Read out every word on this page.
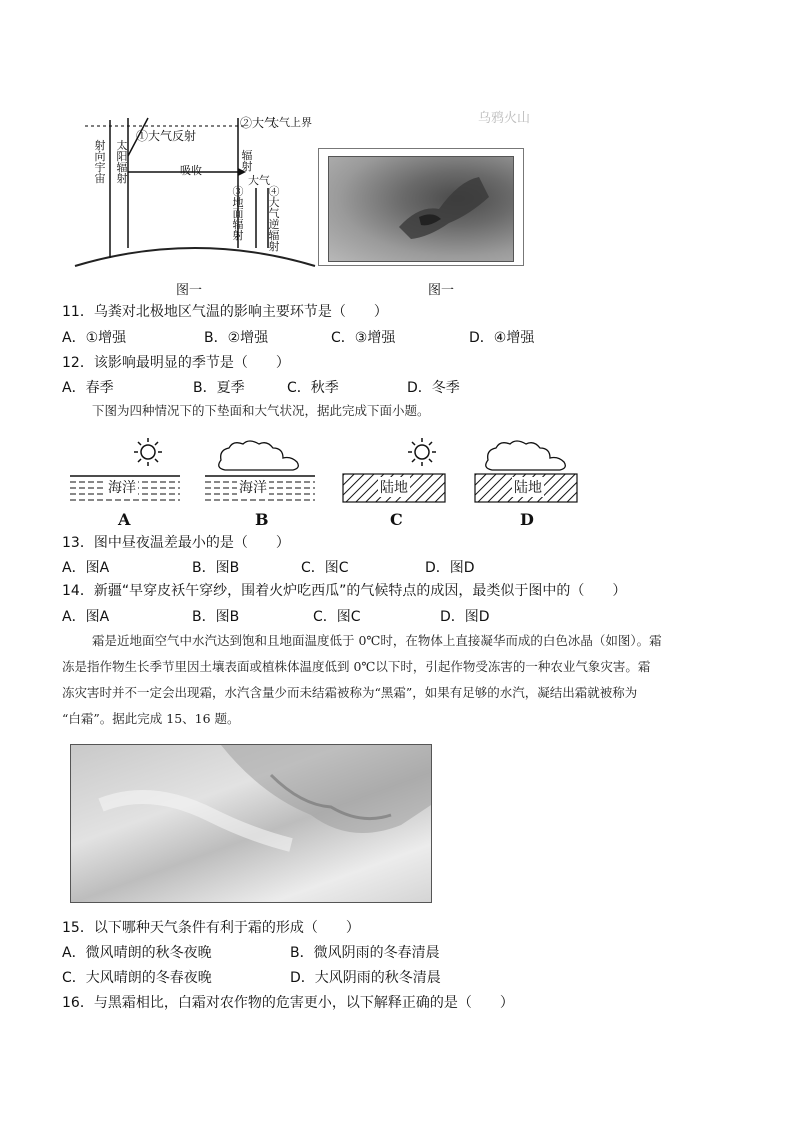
①大气反射
②大气
大气上界
辐射
大气
③地面辐射
④大气逆辐射
射向宇宙
太阳辐射
吸收
图一
乌鸦火山
图一
11．乌粪对北极地区气温的影响主要环节是（　　）
A．①增强	B．②增强	C．③增强	D．④增强
12．该影响最明显的季节是（　　）
A．春季	B．夏季	C．秋季	D．冬季
下图为四种情况下的下垫面和大气状况，据此完成下面小题。
海洋
A
海洋
B
陆地
C
陆地
D
13．图中昼夜温差最小的是（　　）
A．图A	B．图B	C．图C	D．图D
14．新疆“早穿皮袄午穿纱，围着火炉吃西瓜”的气候特点的成因，最类似于图中的（　　）
A．图A	B．图B	C．图C	D．图D
霜是近地面空气中水汽达到饱和且地面温度低于 0℃时，在物体上直接凝华而成的白色冰晶（如图）。霜
冻是指作物生长季节里因土壤表面或植株体温度低到 0℃以下时，引起作物受冻害的一种农业气象灾害。霜
冻灾害时并不一定会出现霜，水汽含量少而未结霜被称为“黑霜”，如果有足够的水汽，凝结出霜就被称为
“白霜”。据此完成 15、16 题。
15．以下哪种天气条件有利于霜的形成（　　）
A．微风晴朗的秋冬夜晚	B．微风阴雨的冬春清晨
C．大风晴朗的冬春夜晚	D．大风阴雨的秋冬清晨
16．与黑霜相比，白霜对农作物的危害更小，以下解释正确的是（　　）
